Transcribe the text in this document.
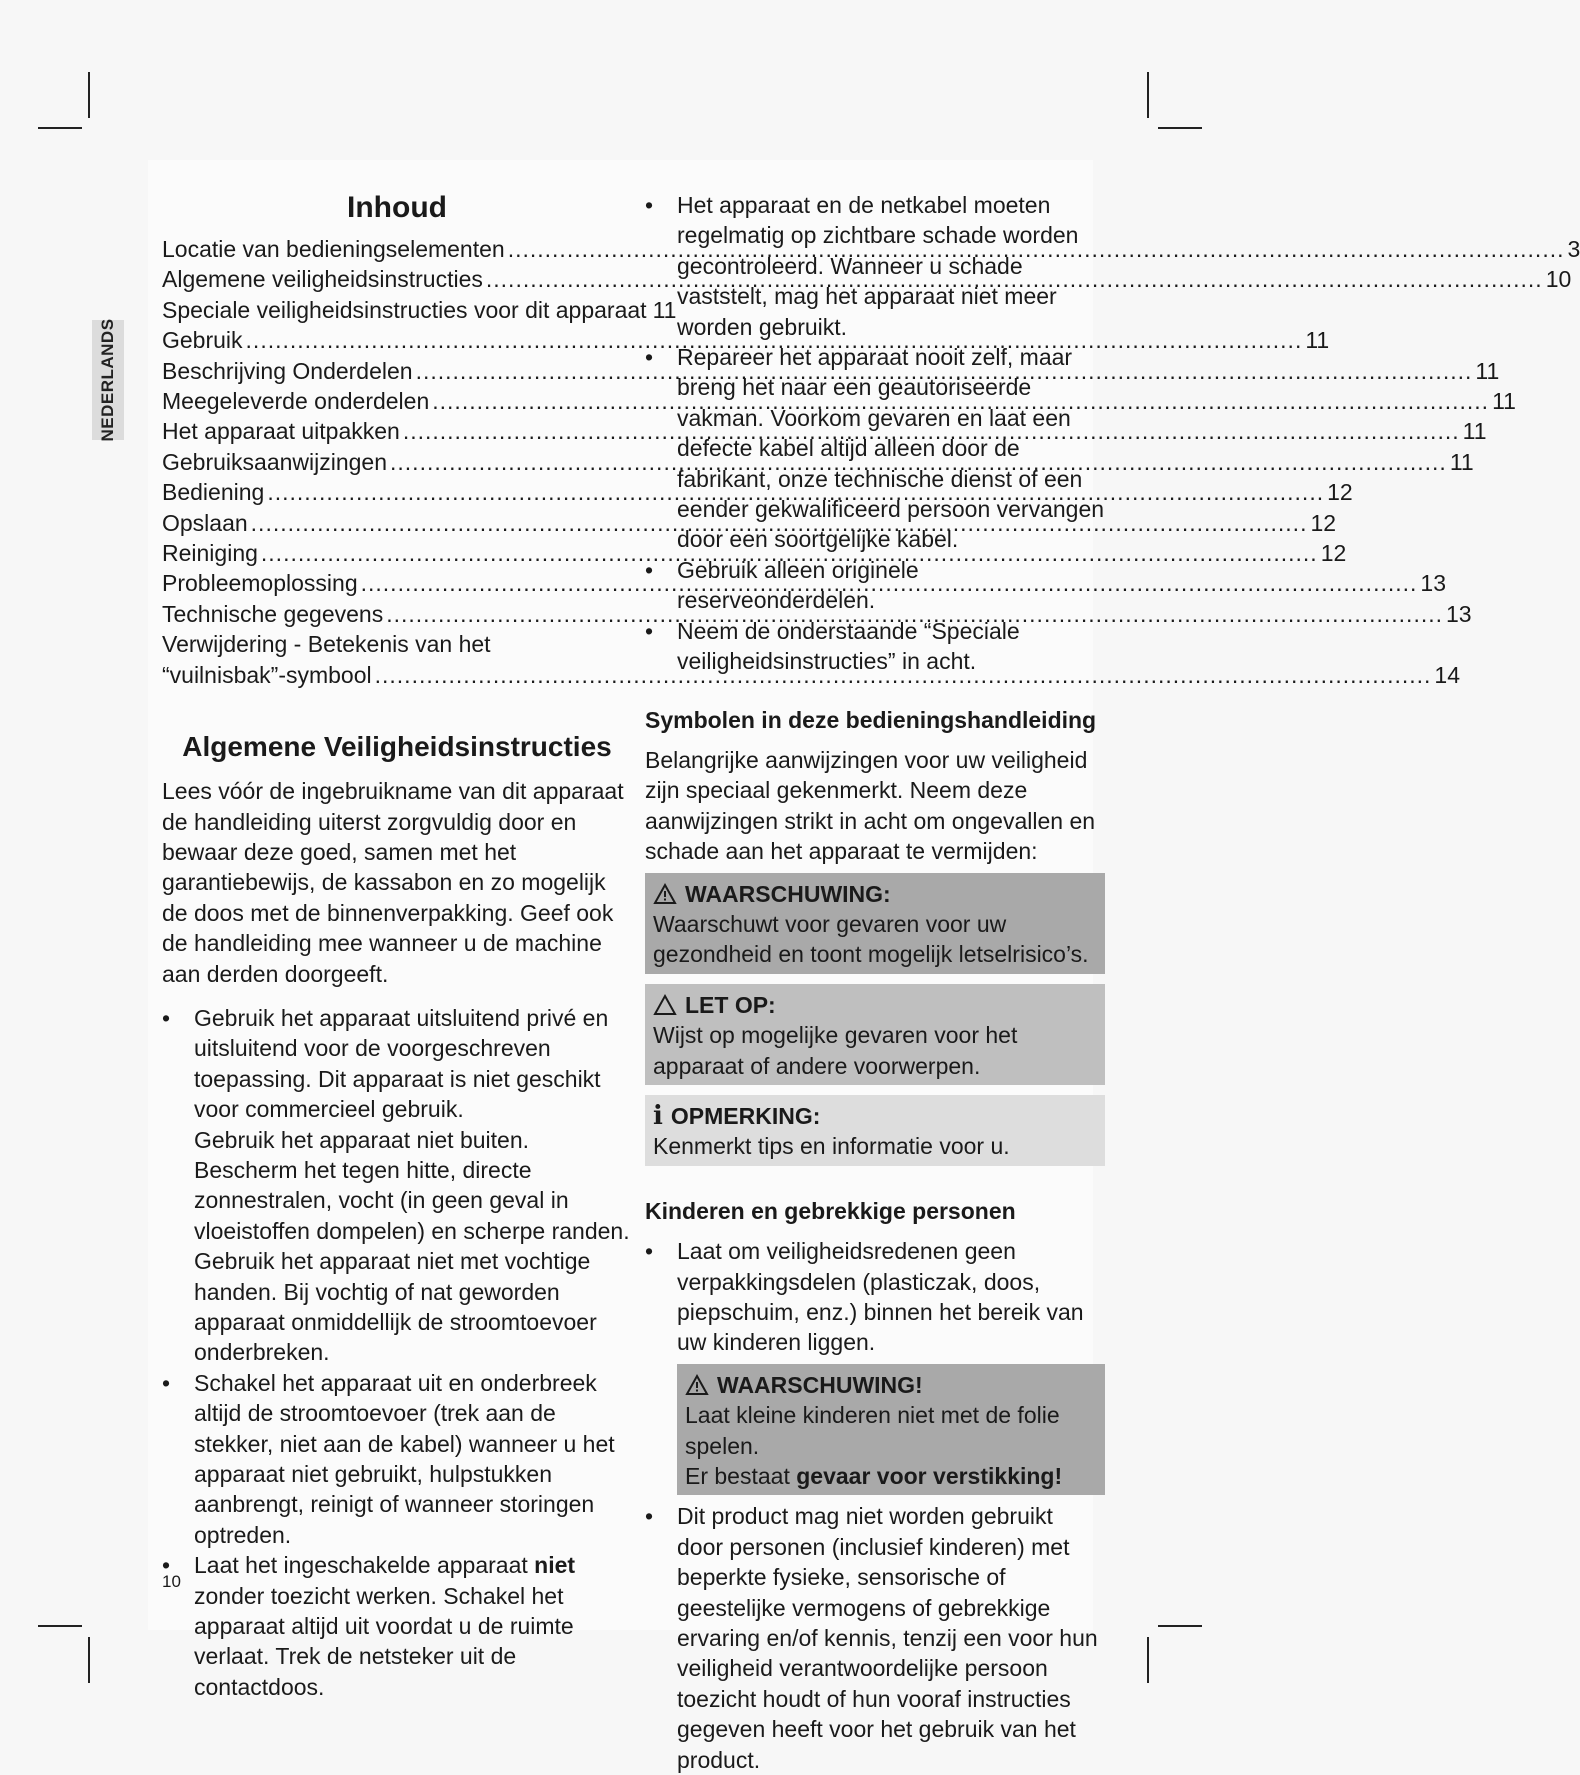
NEDERLANDS
Inhoud
Locatie van bedieningselementen .....	3
Algemene veiligheidsinstructies .....	10
Speciale veiligheidsinstructies voor dit apparaat 11
Gebruik .....	11
Beschrijving Onderdelen .....	11
Meegeleverde onderdelen .....	11
Het apparaat uitpakken .....	11
Gebruiksaanwijzingen .....	11
Bediening .....	12
Opslaan .....	12
Reiniging .....	12
Probleemoplossing .....	13
Technische gegevens .....	13
Verwijdering - Betekenis van het
“vuilnisbak”-symbool .....	14
Algemene Veiligheidsinstructies

Lees vóór de ingebruikname van dit apparaat de handleiding uiterst zorgvuldig door en bewaar deze goed, samen met het garantiebewijs, de kassabon en zo mogelijk de doos met de binnenverpakking. Geef ook de handleiding mee wanneer u de machine aan derden doorgeeft.

• Gebruik het apparaat uitsluitend privé en uitsluitend voor de voorgeschreven toepassing. Dit apparaat is niet geschikt voor commercieel gebruik.

Gebruik het apparaat niet buiten. Bescherm het tegen hitte, directe zonnestralen, vocht (in geen geval in vloeistoffen dompelen) en scherpe randen. Gebruik het apparaat niet met vochtige handen. Bij vochtig of nat geworden apparaat onmiddellijk de stroomtoevoer onderbreken.

• Schakel het apparaat uit en onderbreek altijd de stroomtoevoer (trek aan de stekker, niet aan de kabel) wanneer u het apparaat niet gebruikt, hulpstukken aanbrengt, reinigt of wanneer storingen optreden.

• Laat het ingeschakelde apparaat niet zonder toezicht werken. Schakel het apparaat altijd uit voordat u de ruimte verlaat. Trek de netsteker uit de contactdoos.

• Het apparaat en de netkabel moeten regelmatig op zichtbare schade worden gecontroleerd. Wanneer u schade vaststelt, mag het apparaat niet meer worden gebruikt.

• Repareer het apparaat nooit zelf, maar breng het naar een geautoriseerde vakman. Voorkom gevaren en laat een defecte kabel altijd alleen door de fabrikant, onze technische dienst of een eender gekwalificeerd persoon vervangen door een soortgelijke kabel.

• Gebruik alleen originele reserveonderdelen.

• Neem de onderstaande “Speciale veiligheidsinstructies” in acht.

Symbolen in deze bedieningshandleiding

Belangrijke aanwijzingen voor uw veiligheid zijn speciaal gekenmerkt. Neem deze aanwijzingen strikt in acht om ongevallen en schade aan het apparaat te vermijden:

WAARSCHUWING:
Waarschuwt voor gevaren voor uw gezondheid en toont mogelijk letselrisico’s.
LET OP:
Wijst op mogelijke gevaren voor het apparaat of andere voorwerpen.
i OPMERKING:
Kenmerkt tips en informatie voor u.
Kinderen en gebrekkige personen
• Laat om veiligheidsredenen geen verpakkingsdelen (plasticzak, doos, piepschuim, enz.) binnen het bereik van uw kinderen liggen.

WAARSCHUWING!
Laat kleine kinderen niet met de folie spelen.
Er bestaat gevaar voor verstikking!
• Dit product mag niet worden gebruikt door personen (inclusief kinderen) met beperkte fysieke, sensorische of geestelijke vermogens of gebrekkige ervaring en/of kennis, tenzij een voor hun veiligheid verantwoordelijke persoon toezicht houdt of hun vooraf instructies gegeven heeft voor het gebruik van het product.

10
